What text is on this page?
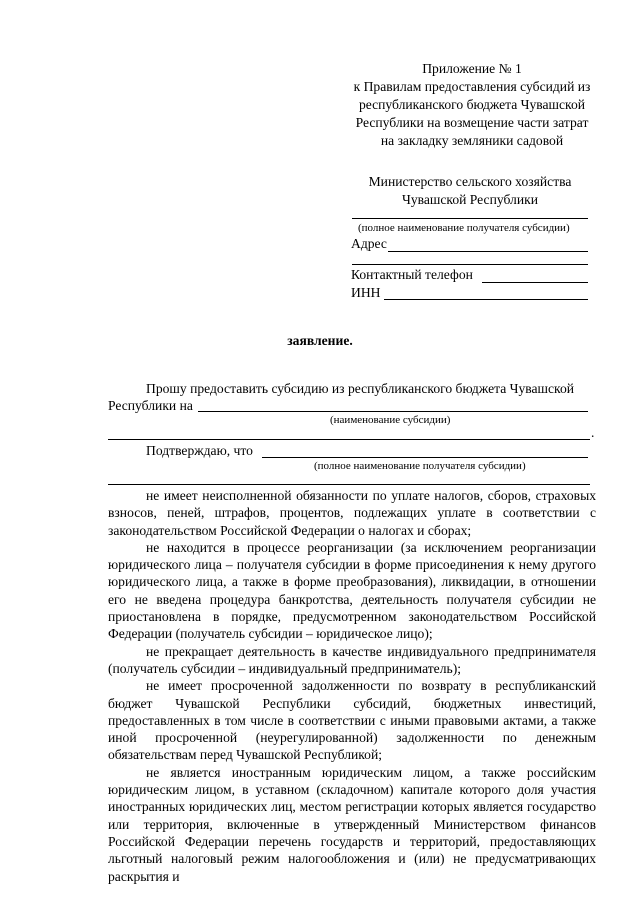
Приложение № 1
к Правилам предоставления субсидий из
республиканского бюджета Чувашской
Республики на возмещение части затрат
на закладку земляники садовой
Министерство сельского хозяйства
Чувашской Республики
(полное наименование получателя субсидии)
Адрес
Контактный телефон
ИНН
заявление.
Прошу предоставить субсидию из республиканского бюджета Чувашской
Республики на
(наименование субсидии)
.
Подтверждаю, что
(полное наименование получателя субсидии)

не имеет неисполненной обязанности по уплате налогов, сборов, страховых взносов, пеней, штрафов, процентов, подлежащих уплате в соответствии с законодательством Российской Федерации о налогах и сборах;

не находится в процессе реорганизации (за исключением реорганизации юридического лица – получателя субсидии в форме присоединения к нему другого юридического лица, а также в форме преобразования), ликвидации, в отношении его не введена процедура банкротства, деятельность получателя субсидии не приостановлена в порядке, предусмотренном законодательством Российской Федерации (получатель субсидии – юридическое лицо);

не прекращает деятельность в качестве индивидуального предпринимателя (получатель субсидии – индивидуальный предприниматель);

не имеет просроченной задолженности по возврату в республиканский бюджет Чувашской Республики субсидий, бюджетных инвестиций, предоставленных в том числе в соответствии с иными правовыми актами, а также иной просроченной (неурегулированной) задолженности по денежным обязательствам перед Чувашской Республикой;

не является иностранным юридическим лицом, а также российским юридическим лицом, в уставном (складочном) капитале которого доля участия иностранных юридических лиц, местом регистрации которых является государство или территория, включенные в утвержденный Министерством финансов Российской Федерации перечень государств и территорий, предоставляющих льготный налоговый режим налогообложения и (или) не предусматривающих раскрытия и
